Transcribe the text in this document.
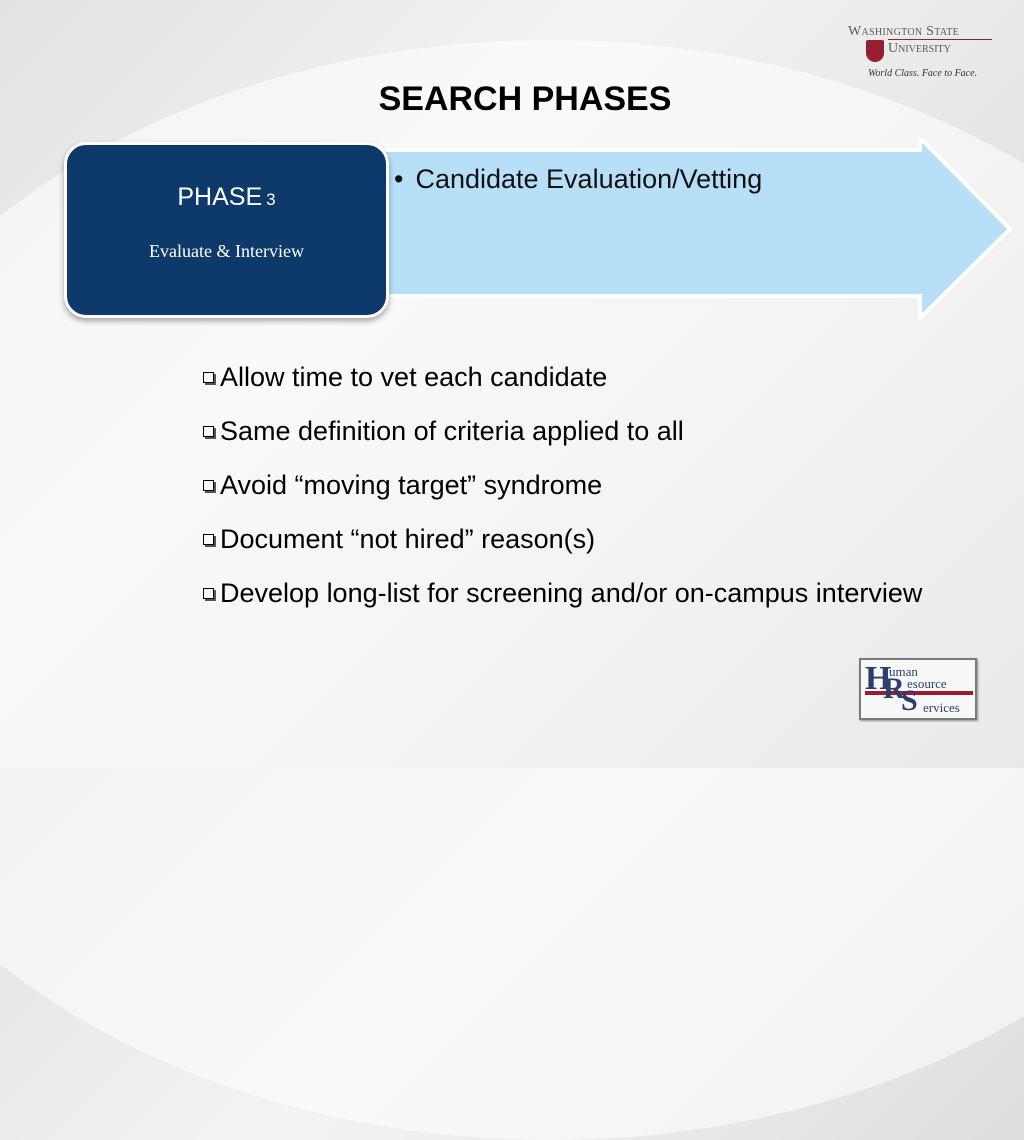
Washington State
University
World Class. Face to Face.
SEARCH PHASES
• Candidate Evaluation/Vetting
PHASE 3
Evaluate & Interview
Allow time to vet each candidate
Same definition of criteria applied to all
Avoid “moving target” syndrome
Document “not hired” reason(s)
Develop long-list for screening and/or on-campus interview
H
uman
R esource
S ervices
